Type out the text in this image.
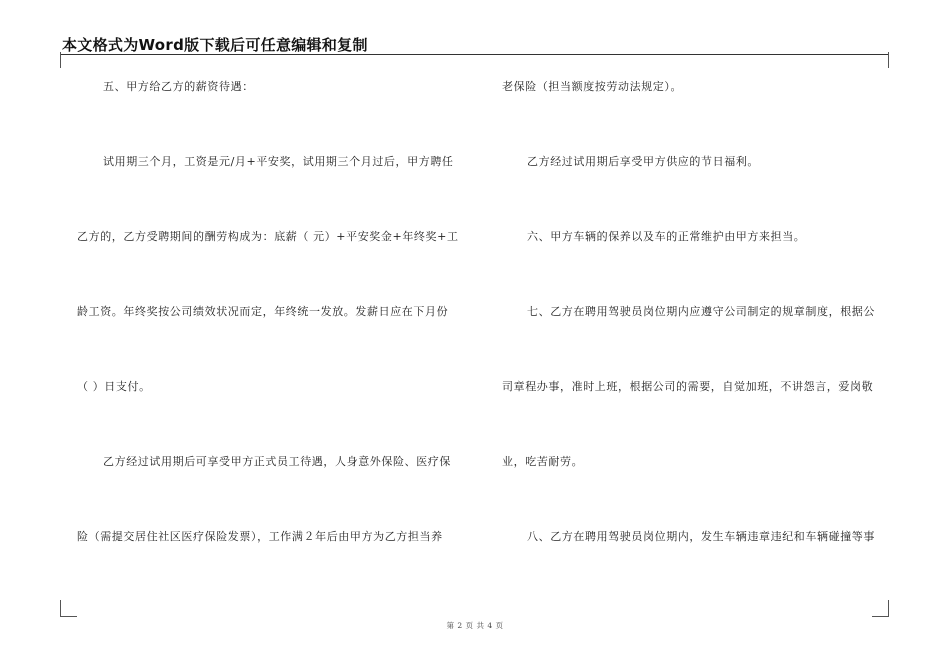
本文格式为Word版下载后可任意编辑和复制
五、甲方给乙方的薪资待遇：
试用期三个月，工资是元/月+平安奖，试用期三个月过后，甲方聘任
乙方的，乙方受聘期间的酬劳构成为：底薪（ 元）+平安奖金+年终奖+工
龄工资。年终奖按公司绩效状况而定，年终统一发放。发薪日应在下月份
（ ）日支付。
乙方经过试用期后可享受甲方正式员工待遇，人身意外保险、医疗保
险（需提交居住社区医疗保险发票），工作满２年后由甲方为乙方担当养
老保险（担当额度按劳动法规定）。
乙方经过试用期后享受甲方供应的节日福利。
六、甲方车辆的保养以及车的正常维护由甲方来担当。
七、乙方在聘用驾驶员岗位期内应遵守公司制定的规章制度，根据公
司章程办事，准时上班，根据公司的需要，自觉加班，不讲怨言，爱岗敬
业，吃苦耐劳。
八、乙方在聘用驾驶员岗位期内，发生车辆违章违纪和车辆碰撞等事
第 2 页 共 4 页
